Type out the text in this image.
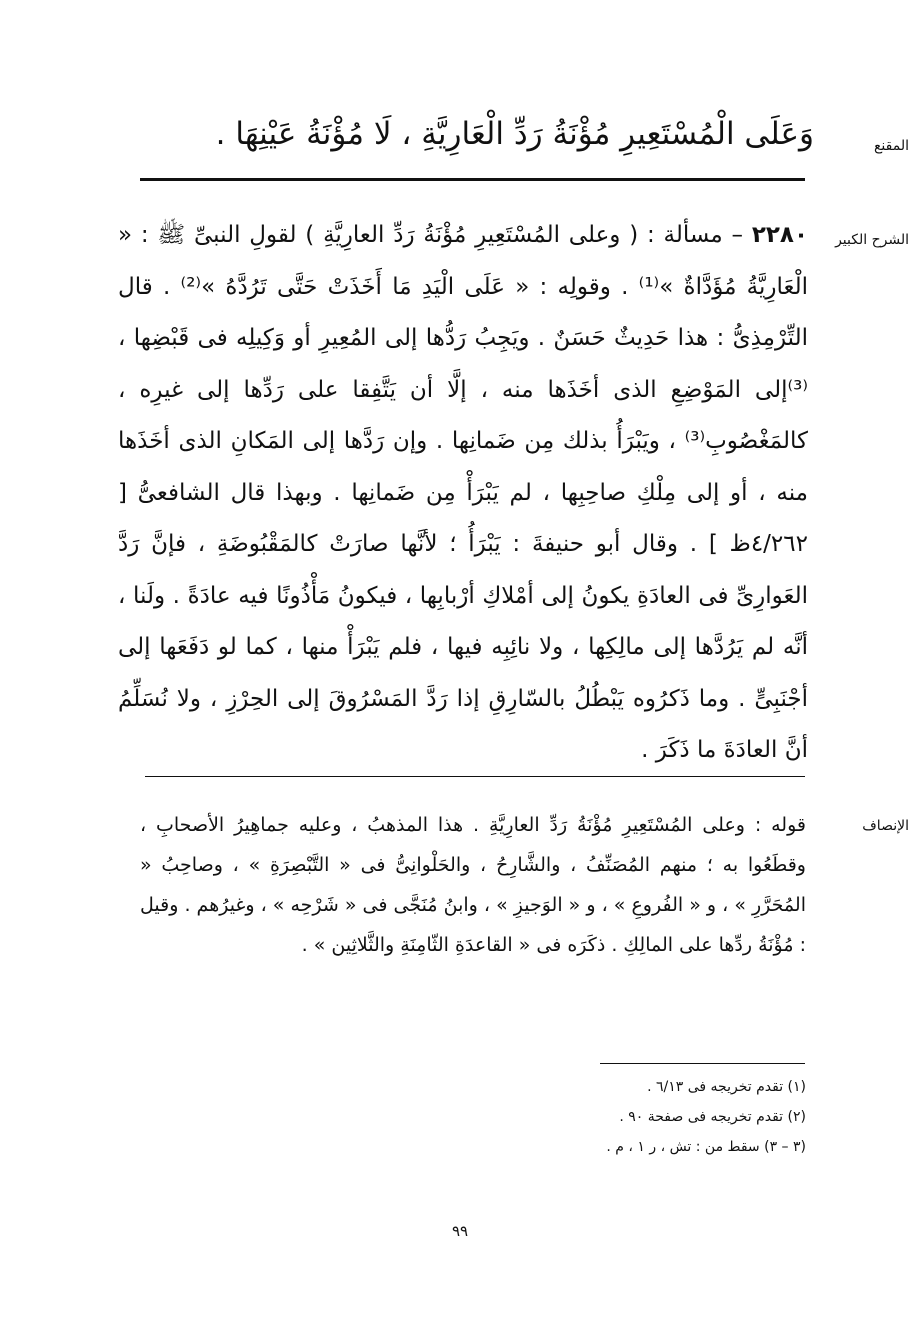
المقنع
وَعَلَى الْمُسْتَعِيرِ مُؤْنَةُ رَدِّ الْعَارِيَّةِ ، لَا مُؤْنَةُ عَيْنِهَا .
الشرح الكبير

٢٢٨٠ – مسألة : ( وعلى المُسْتَعِيرِ مُؤْنَةُ رَدِّ العارِيَّةِ ) لقولِ النبىِّ ﷺ : « الْعَارِيَّةُ مُؤَدَّاةٌ »⁽¹⁾ . وقولِه : « عَلَى الْيَدِ مَا أَخَذَتْ حَتَّى تَرُدَّهُ »⁽²⁾ . قال التِّرْمِذِىُّ : هذا حَدِيثٌ حَسَنٌ . ويَجِبُ رَدُّها إلى المُعِيرِ أو وَكِيلِه فى قَبْضِها ، ⁽³⁾إلى المَوْضِعِ الذى أخَذَها منه ، إلَّا أن يَتَّفِقا على رَدِّها إلى غيرِه ، كالمَغْصُوبِ⁽³⁾ ، ويَبْرَأُ بذلك مِن ضَمانِها . وإن رَدَّها إلى المَكانِ الذى أخَذَها منه ، أو إلى مِلْكِ صاحِبِها ، لم يَبْرَأْ مِن ضَمانِها . وبهذا قال الشافعىُّ [ ٤/٢٦٢ظ ] . وقال أبو حنيفةَ : يَبْرَأُ ؛ لأنَّها صارَتْ كالمَقْبُوضَةِ ، فإنَّ رَدَّ العَوارِىِّ فى العادَةِ يكونُ إلى أمْلاكِ أرْبابِها ، فيكونُ مَأْذُونًا فيه عادَةً . ولَنا ، أنَّه لم يَرُدَّها إلى مالِكِها ، ولا نائِبِه فيها ، فلم يَبْرَأْ منها ، كما لو دَفَعَها إلى أجْنَبِىٍّ . وما ذَكرُوه يَبْطُلُ بالسّارِقِ إذا رَدَّ المَسْرُوقَ إلى الحِرْزِ ، ولا نُسَلِّمُ أنَّ العادَةَ ما ذَكَرَ .

الإنصاف

قوله : وعلى المُسْتَعِيرِ مُؤْنَةُ رَدِّ العارِيَّةِ . هذا المذهبُ ، وعليه جماهِيرُ الأصحابِ ، وقطَعُوا به ؛ منهم المُصَنِّفُ ، والشَّارِحُ ، والحَلْوانِىُّ فى « التَّبْصِرَةِ » ، وصاحِبُ « المُحَرَّرِ » ، و « الفُروعِ » ، و « الوَجيزِ » ، وابنُ مُنَجَّى فى « شَرْحِه » ، وغيرُهم . وقيل : مُؤْنَةُ ردِّها على المالِكِ . ذكَرَه فى « القاعدَةِ الثّامِنَةِ والثَّلاثِين » .

(١) تقدم تخريجه فى ٦/١٣ .
(٢) تقدم تخريجه فى صفحة ٩٠ .
(٣ – ٣) سقط من : تش ، ر ١ ، م .
٩٩
